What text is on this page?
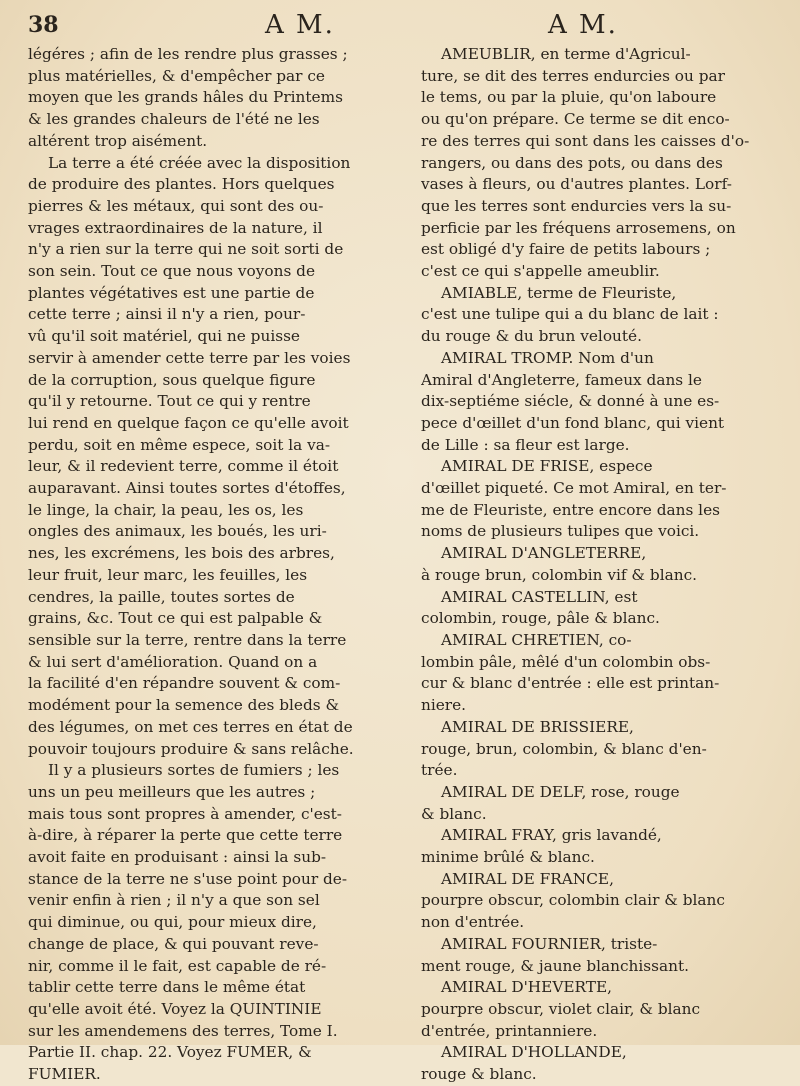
38	A M.	A M.
légéres ; afin de les rendre plus grasses ;
plus matérielles, & d'empêcher par ce
moyen que les grands hâles du Printems
& les grandes chaleurs de l'été ne les
altérent trop aisément.
La terre a été créée avec la disposition
de produire des plantes. Hors quelques
pierres & les métaux, qui sont des ou-
vrages extraordinaires de la nature, il
n'y a rien sur la terre qui ne soit sorti de
son sein. Tout ce que nous voyons de
plantes végétatives est une partie de
cette terre ; ainsi il n'y a rien, pour-
vû qu'il soit matériel, qui ne puisse
servir à amender cette terre par les voies
de la corruption, sous quelque figure
qu'il y retourne. Tout ce qui y rentre
lui rend en quelque façon ce qu'elle avoit
perdu, soit en même espece, soit la va-
leur, & il redevient terre, comme il étoit
auparavant. Ainsi toutes sortes d'étoffes,
le linge, la chair, la peau, les os, les
ongles des animaux, les boués, les uri-
nes, les excrémens, les bois des arbres,
leur fruit, leur marc, les feuilles, les
cendres, la paille, toutes sortes de
grains, &c. Tout ce qui est palpable &
sensible sur la terre, rentre dans la terre
& lui sert d'amélioration. Quand on a
la facilité d'en répandre souvent & com-
modément pour la semence des bleds &
des légumes, on met ces terres en état de
pouvoir toujours produire & sans relâche.
Il y a plusieurs sortes de fumiers ; les
uns un peu meilleurs que les autres ;
mais tous sont propres à amender, c'est-
à-dire, à réparer la perte que cette terre
avoit faite en produisant : ainsi la sub-
stance de la terre ne s'use point pour de-
venir enfin à rien ; il n'y a que son sel
qui diminue, ou qui, pour mieux dire,
change de place, & qui pouvant reve-
nir, comme il le fait, est capable de ré-
tablir cette terre dans le même état
qu'elle avoit été. Voyez la QUINTINIE
sur les amendemens des terres, Tome I.
Partie II. chap. 22. Voyez FUMER, &
FUMIER.
AMEUBLIR, en terme d'Agricul-
ture, se dit des terres endurcies ou par
le tems, ou par la pluie, qu'on laboure
ou qu'on prépare. Ce terme se dit enco-
re des terres qui sont dans les caisses d'o-
rangers, ou dans des pots, ou dans des
vases à fleurs, ou d'autres plantes. Lorf-
que les terres sont endurcies vers la su-
perficie par les fréquens arrosemens, on
est obligé d'y faire de petits labours ;
c'est ce qui s'appelle ameublir.
AMIABLE, terme de Fleuriste,
c'est une tulipe qui a du blanc de lait :
du rouge & du brun velouté.
AMIRAL TROMP. Nom d'un
Amiral d'Angleterre, fameux dans le
dix-septiéme siécle, & donné à une es-
pece d'œillet d'un fond blanc, qui vient
de Lille : sa fleur est large.
AMIRAL DE FRISE, espece
d'œillet piqueté. Ce mot Amiral, en ter-
me de Fleuriste, entre encore dans les
noms de plusieurs tulipes que voici.
AMIRAL D'ANGLETERRE,
à rouge brun, colombin vif & blanc.
AMIRAL CASTELLIN, est
colombin, rouge, pâle & blanc.
AMIRAL CHRETIEN, co-
lombin pâle, mêlé d'un colombin obs-
cur & blanc d'entrée : elle est printan-
niere.
AMIRAL DE BRISSIERE,
rouge, brun, colombin, & blanc d'en-
trée.
AMIRAL DE DELF, rose, rouge
& blanc.
AMIRAL FRAY, gris lavandé,
minime brûlé & blanc.
AMIRAL DE FRANCE,
pourpre obscur, colombin clair & blanc
non d'entrée.
AMIRAL FOURNIER, triste-
ment rouge, & jaune blanchissant.
AMIRAL D'HEVERTE,
pourpre obscur, violet clair, & blanc
d'entrée, printanniere.
AMIRAL D'HOLLANDE,
rouge & blanc.
